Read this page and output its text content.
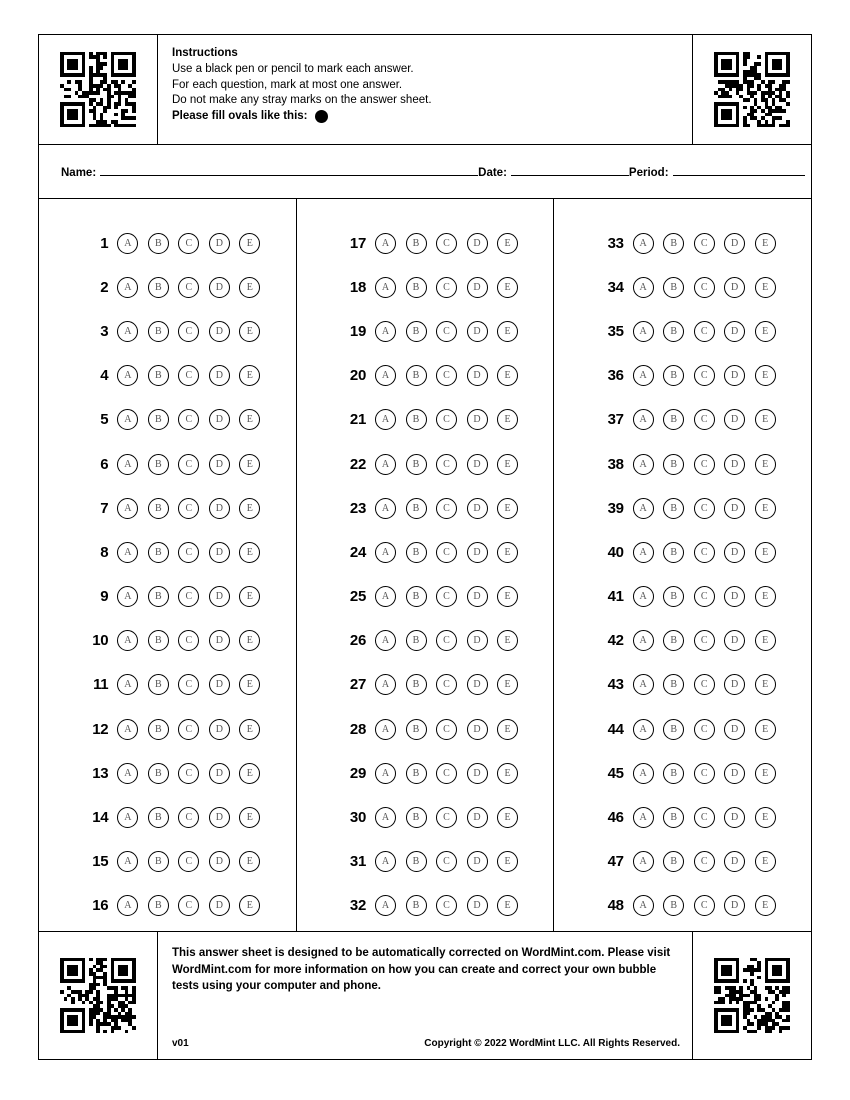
Instructions
Use a black pen or pencil to mark each answer.
For each question, mark at most one answer.
Do not make any stray marks on the answer sheet.
Please fill ovals like this:
Name:	Date:	Period:
1	A	B	C	D	E
2	A	B	C	D	E
3	A	B	C	D	E
4	A	B	C	D	E
5	A	B	C	D	E
6	A	B	C	D	E
7	A	B	C	D	E
8	A	B	C	D	E
9	A	B	C	D	E
10	A	B	C	D	E
11	A	B	C	D	E
12	A	B	C	D	E
13	A	B	C	D	E
14	A	B	C	D	E
15	A	B	C	D	E
16	A	B	C	D	E
17	A	B	C	D	E
18	A	B	C	D	E
19	A	B	C	D	E
20	A	B	C	D	E
21	A	B	C	D	E
22	A	B	C	D	E
23	A	B	C	D	E
24	A	B	C	D	E
25	A	B	C	D	E
26	A	B	C	D	E
27	A	B	C	D	E
28	A	B	C	D	E
29	A	B	C	D	E
30	A	B	C	D	E
31	A	B	C	D	E
32	A	B	C	D	E
33	A	B	C	D	E
34	A	B	C	D	E
35	A	B	C	D	E
36	A	B	C	D	E
37	A	B	C	D	E
38	A	B	C	D	E
39	A	B	C	D	E
40	A	B	C	D	E
41	A	B	C	D	E
42	A	B	C	D	E
43	A	B	C	D	E
44	A	B	C	D	E
45	A	B	C	D	E
46	A	B	C	D	E
47	A	B	C	D	E
48	A	B	C	D	E
This answer sheet is designed to be automatically corrected on WordMint.com. Please visit WordMint.com for more information on how you can create and correct your own bubble tests using your computer and phone.
v01	Copyright © 2022 WordMint LLC. All Rights Reserved.
